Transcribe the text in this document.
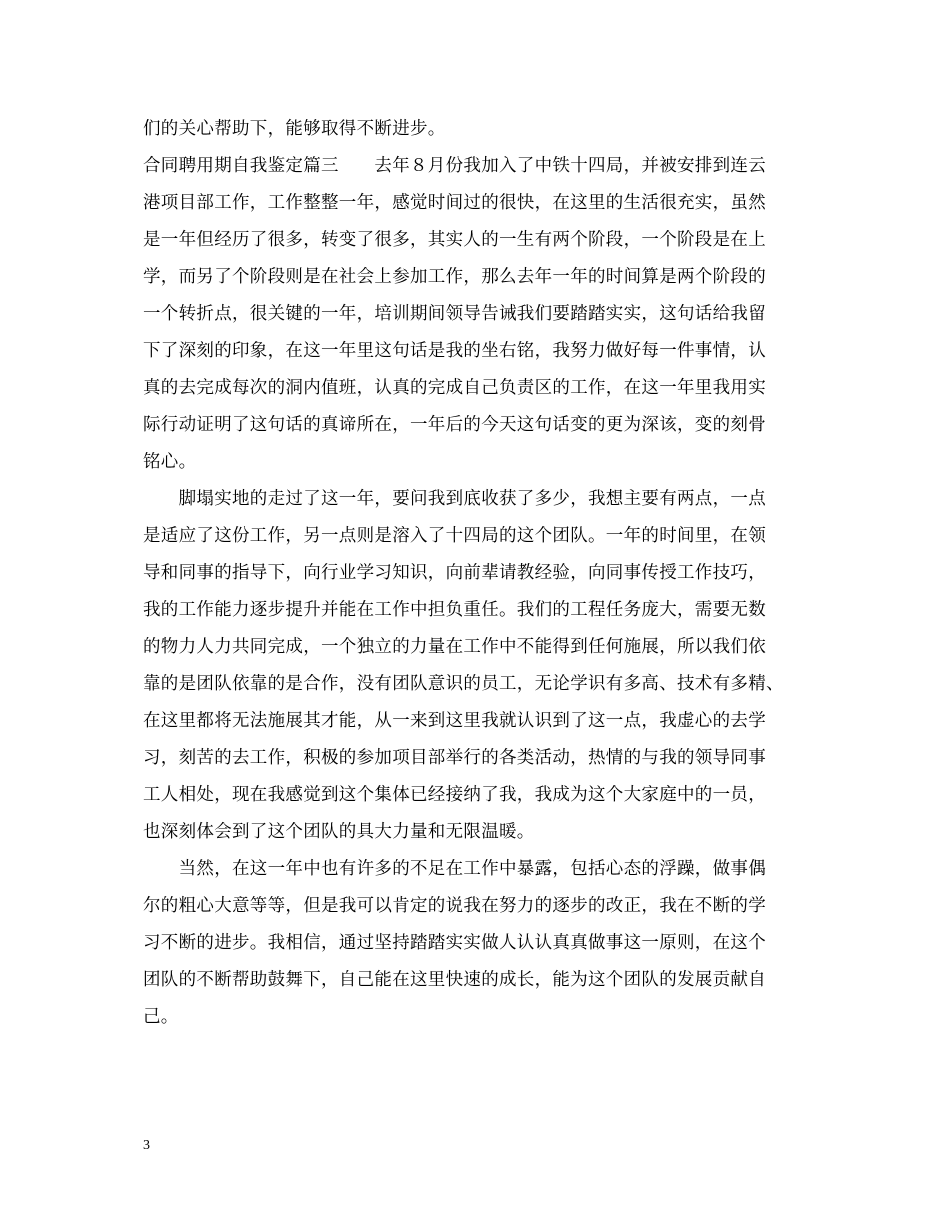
们的关心帮助下，能够取得不断进步。
合同聘用期自我鉴定篇三　　去年８月份我加入了中铁十四局，并被安排到连云
港项目部工作，工作整整一年，感觉时间过的很快，在这里的生活很充实，虽然
是一年但经历了很多，转变了很多，其实人的一生有两个阶段，一个阶段是在上
学，而另了个阶段则是在社会上参加工作，那么去年一年的时间算是两个阶段的
一个转折点，很关键的一年，培训期间领导告诫我们要踏踏实实，这句话给我留
下了深刻的印象，在这一年里这句话是我的坐右铭，我努力做好每一件事情，认
真的去完成每次的洞内值班，认真的完成自己负责区的工作，在这一年里我用实
际行动证明了这句话的真谛所在，一年后的今天这句话变的更为深该，变的刻骨
铭心。
　　脚塌实地的走过了这一年，要问我到底收获了多少，我想主要有两点，一点
是适应了这份工作，另一点则是溶入了十四局的这个团队。一年的时间里，在领
导和同事的指导下，向行业学习知识，向前辈请教经验，向同事传授工作技巧，
我的工作能力逐步提升并能在工作中担负重任。我们的工程任务庞大，需要无数
的物力人力共同完成，一个独立的力量在工作中不能得到任何施展，所以我们依
靠的是团队依靠的是合作，没有团队意识的员工，无论学识有多高、技术有多精、
在这里都将无法施展其才能，从一来到这里我就认识到了这一点，我虚心的去学
习，刻苦的去工作，积极的参加项目部举行的各类活动，热情的与我的领导同事
工人相处，现在我感觉到这个集体已经接纳了我，我成为这个大家庭中的一员，
也深刻体会到了这个团队的具大力量和无限温暖。
　　当然，在这一年中也有许多的不足在工作中暴露，包括心态的浮躁，做事偶
尔的粗心大意等等，但是我可以肯定的说我在努力的逐步的改正，我在不断的学
习不断的进步。我相信，通过坚持踏踏实实做人认认真真做事这一原则，在这个
团队的不断帮助鼓舞下，自己能在这里快速的成长，能为这个团队的发展贡献自
己。
3
